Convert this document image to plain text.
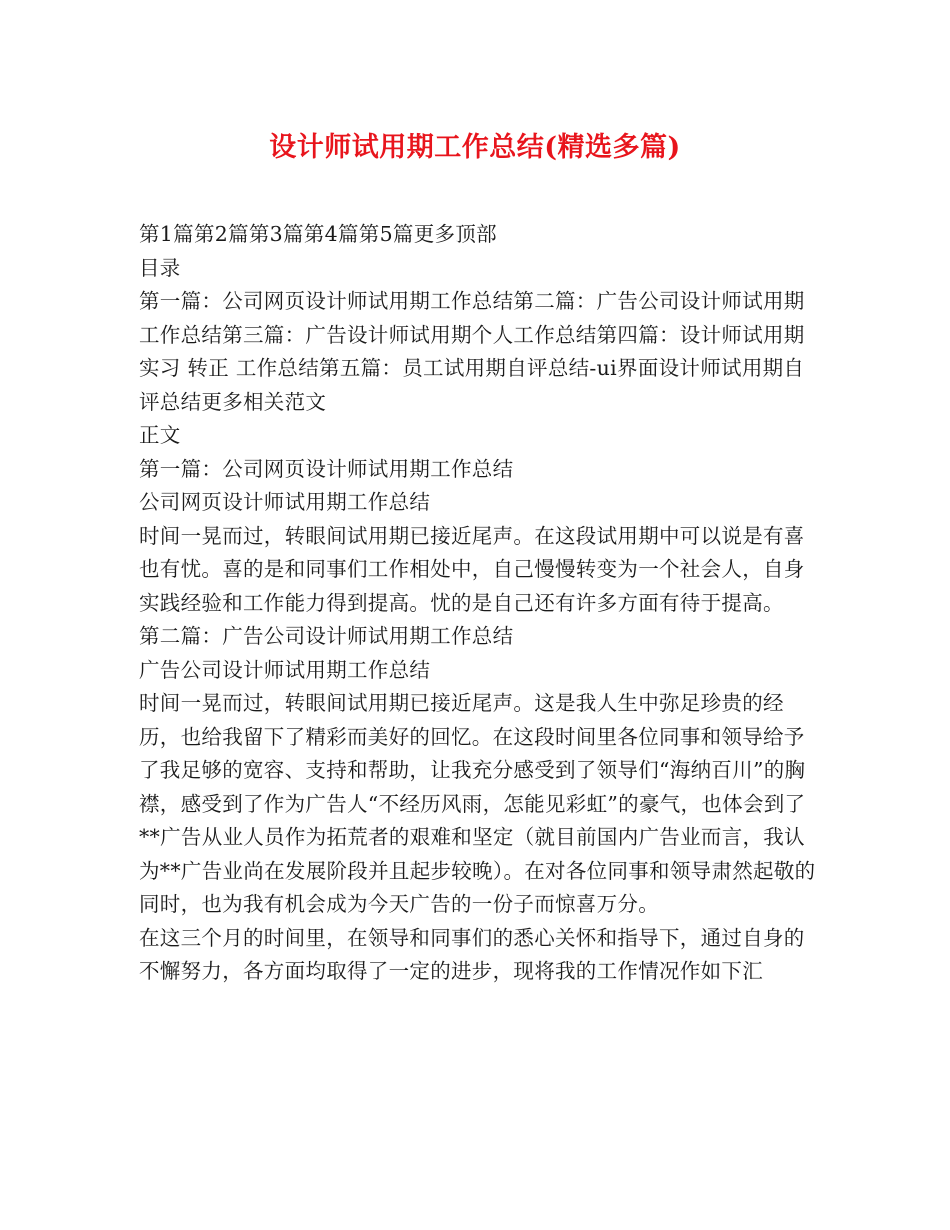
设计师试用期工作总结(精选多篇)

第1篇第2篇第3篇第4篇第5篇更多顶部

目录

第一篇：公司网页设计师试用期工作总结第二篇：广告公司设计师试用期工作总结第三篇：广告设计师试用期个人工作总结第四篇：设计师试用期 实习 转正 工作总结第五篇：员工试用期自评总结-ui界面设计师试用期自评总结更多相关范文

正文

第一篇：公司网页设计师试用期工作总结

公司网页设计师试用期工作总结

时间一晃而过，转眼间试用期已接近尾声。在这段试用期中可以说是有喜也有忧。喜的是和同事们工作相处中，自己慢慢转变为一个社会人，自身实践经验和工作能力得到提高。忧的是自己还有许多方面有待于提高。

第二篇：广告公司设计师试用期工作总结

广告公司设计师试用期工作总结

时间一晃而过，转眼间试用期已接近尾声。这是我人生中弥足珍贵的经历，也给我留下了精彩而美好的回忆。在这段时间里各位同事和领导给予了我足够的宽容、支持和帮助，让我充分感受到了领导们“海纳百川”的胸襟，感受到了作为广告人“不经历风雨，怎能见彩虹”的豪气，也体会到了**广告从业人员作为拓荒者的艰难和坚定（就目前国内广告业而言，我认为**广告业尚在发展阶段并且起步较晚）。在对各位同事和领导肃然起敬的同时，也为我有机会成为今天广告的一份子而惊喜万分。

在这三个月的时间里，在领导和同事们的悉心关怀和指导下，通过自身的不懈努力，各方面均取得了一定的进步，现将我的工作情况作如下汇
